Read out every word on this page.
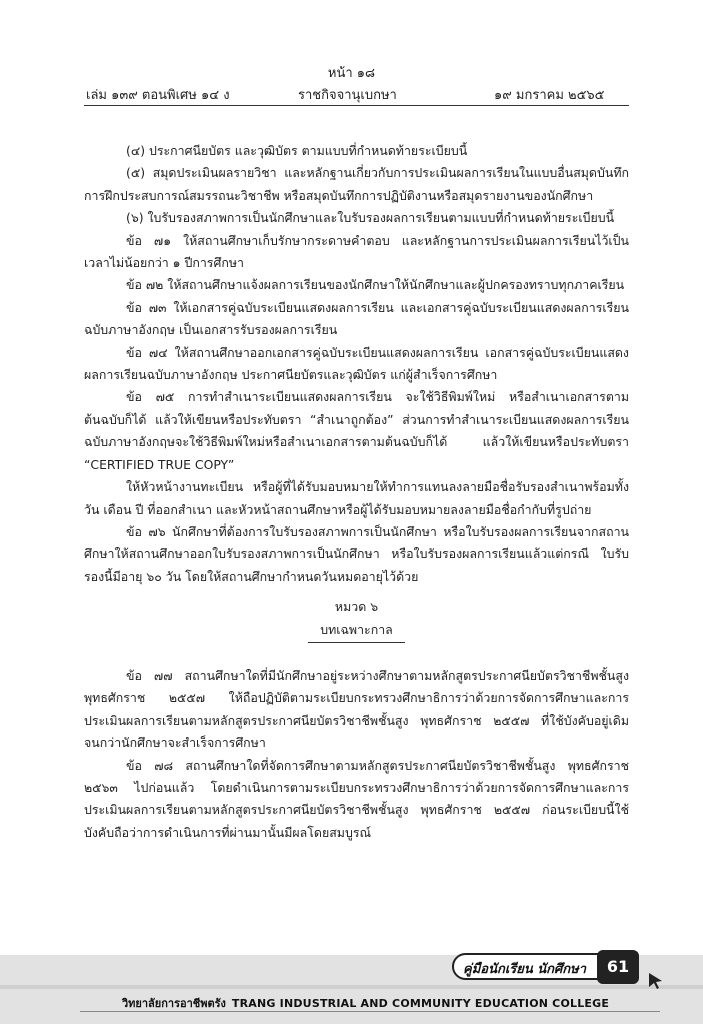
หน้า ๑๘
เล่ม ๑๓๙ ตอนพิเศษ ๑๔ ง	ราชกิจจานุเบกษา	๑๙ มกราคม ๒๕๖๕

(๔) ประกาศนียบัตร และวุฒิบัตร ตามแบบที่กำหนดท้ายระเบียบนี้

(๕) สมุดประเมินผลรายวิชา และหลักฐานเกี่ยวกับการประเมินผลการเรียนในแบบอื่นสมุดบันทึกการฝึกประสบการณ์สมรรถนะวิชาชีพ หรือสมุดบันทึกการปฏิบัติงานหรือสมุดรายงานของนักศึกษา

(๖) ใบรับรองสภาพการเป็นนักศึกษาและใบรับรองผลการเรียนตามแบบที่กำหนดท้ายระเบียบนี้

ข้อ ๗๑ ให้สถานศึกษาเก็บรักษากระดาษคำตอบ และหลักฐานการประเมินผลการเรียนไว้เป็นเวลาไม่น้อยกว่า ๑ ปีการศึกษา

ข้อ ๗๒ ให้สถานศึกษาแจ้งผลการเรียนของนักศึกษาให้นักศึกษาและผู้ปกครองทราบทุกภาคเรียน

ข้อ ๗๓ ให้เอกสารคู่ฉบับระเบียนแสดงผลการเรียน และเอกสารคู่ฉบับระเบียนแสดงผลการเรียนฉบับภาษาอังกฤษ เป็นเอกสารรับรองผลการเรียน

ข้อ ๗๔ ให้สถานศึกษาออกเอกสารคู่ฉบับระเบียนแสดงผลการเรียน เอกสารคู่ฉบับระเบียนแสดงผลการเรียนฉบับภาษาอังกฤษ ประกาศนียบัตรและวุฒิบัตร แก่ผู้สำเร็จการศึกษา

ข้อ ๗๕ การทำสำเนาระเบียนแสดงผลการเรียน จะใช้วิธีพิมพ์ใหม่ หรือสำเนาเอกสารตามต้นฉบับก็ได้ แล้วให้เขียนหรือประทับตรา “สำเนาถูกต้อง” ส่วนการทำสำเนาระเบียนแสดงผลการเรียนฉบับภาษาอังกฤษจะใช้วิธีพิมพ์ใหม่หรือสำเนาเอกสารตามต้นฉบับก็ได้ แล้วให้เขียนหรือประทับตรา “CERTIFIED TRUE COPY”

ให้หัวหน้างานทะเบียน หรือผู้ที่ได้รับมอบหมายให้ทำการแทนลงลายมือชื่อรับรองสำเนาพร้อมทั้ง วัน เดือน ปี ที่ออกสำเนา และหัวหน้าสถานศึกษาหรือผู้ได้รับมอบหมายลงลายมือชื่อกำกับที่รูปถ่าย

ข้อ ๗๖ นักศึกษาที่ต้องการใบรับรองสภาพการเป็นนักศึกษา หรือใบรับรองผลการเรียนจากสถานศึกษาให้สถานศึกษาออกใบรับรองสภาพการเป็นนักศึกษา หรือใบรับรองผลการเรียนแล้วแต่กรณี ใบรับรองนี้มีอายุ ๖๐ วัน โดยให้สถานศึกษากำหนดวันหมดอายุไว้ด้วย

หมวด ๖

บทเฉพาะกาล

ข้อ ๗๗ สถานศึกษาใดที่มีนักศึกษาอยู่ระหว่างศึกษาตามหลักสูตรประกาศนียบัตรวิชาชีพชั้นสูง พุทธศักราช ๒๕๕๗ ให้ถือปฏิบัติตามระเบียบกระทรวงศึกษาธิการว่าด้วยการจัดการศึกษาและการประเมินผลการเรียนตามหลักสูตรประกาศนียบัตรวิชาชีพชั้นสูง พุทธศักราช ๒๕๕๗ ที่ใช้บังคับอยู่เดิมจนกว่านักศึกษาจะสำเร็จการศึกษา

ข้อ ๗๘ สถานศึกษาใดที่จัดการศึกษาตามหลักสูตรประกาศนียบัตรวิชาชีพชั้นสูง พุทธศักราช ๒๕๖๓ ไปก่อนแล้ว โดยดำเนินการตามระเบียบกระทรวงศึกษาธิการว่าด้วยการจัดการศึกษาและการประเมินผลการเรียนตามหลักสูตรประกาศนียบัตรวิชาชีพชั้นสูง พุทธศักราช ๒๕๕๗ ก่อนระเบียบนี้ใช้บังคับถือว่าการดำเนินการที่ผ่านมานั้นมีผลโดยสมบูรณ์

คู่มือนักเรียน นักศึกษา	61
วิทยาลัยการอาชีพตรัง TRANG INDUSTRIAL AND COMMUNITY EDUCATION COLLEGE
